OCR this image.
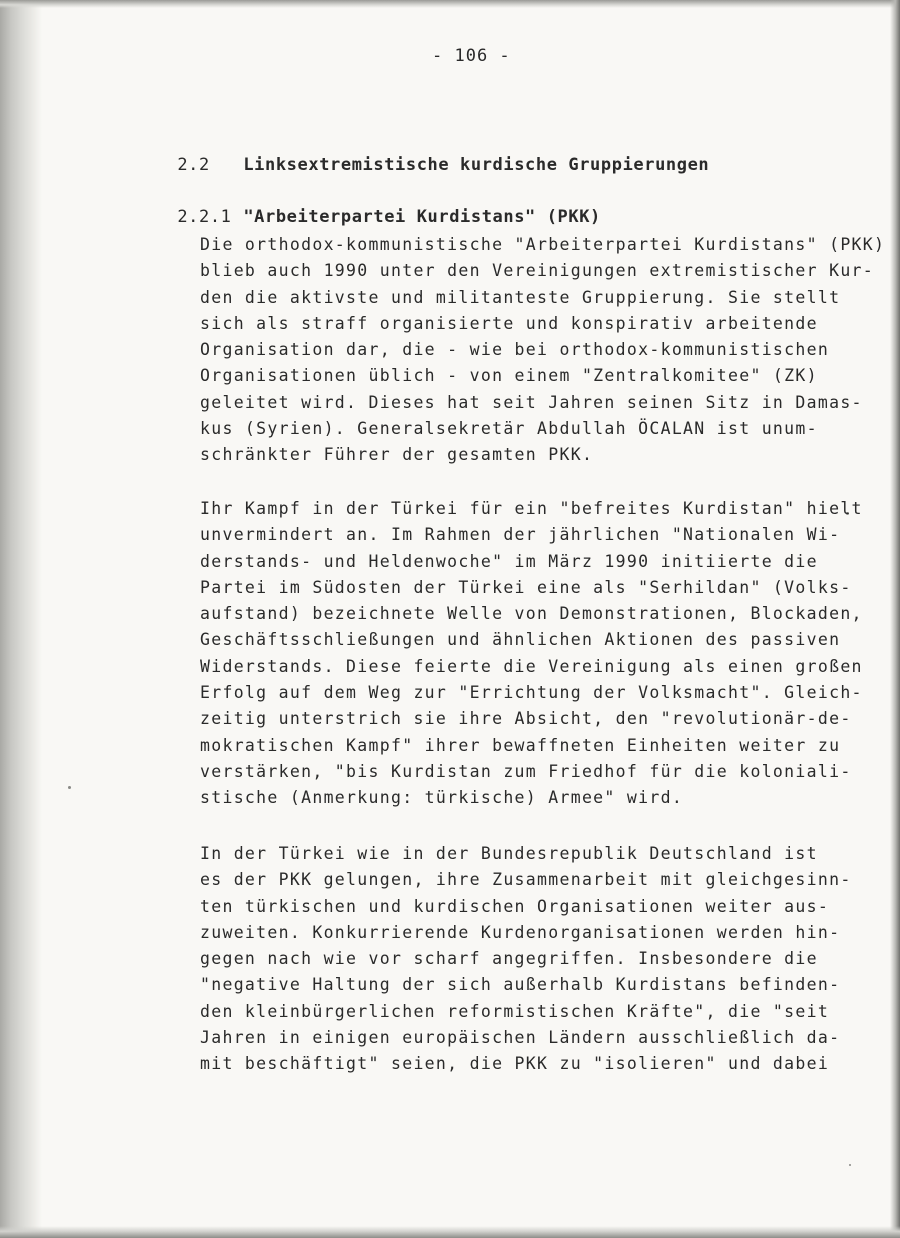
- 106 -

2.2 Linksextremistische kurdische Gruppierungen

2.2.1 "Arbeiterpartei Kurdistans" (PKK)

Die orthodox-kommunistische "Arbeiterpartei Kurdistans" (PKK)
blieb auch 1990 unter den Vereinigungen extremistischer Kur-
den die aktivste und militanteste Gruppierung. Sie stellt
sich als straff organisierte und konspirativ arbeitende
Organisation dar, die - wie bei orthodox-kommunistischen
Organisationen üblich - von einem "Zentralkomitee" (ZK)
geleitet wird. Dieses hat seit Jahren seinen Sitz in Damas-
kus (Syrien). Generalsekretär Abdullah ÖCALAN ist unum-
schränkter Führer der gesamten PKK.
Ihr Kampf in der Türkei für ein "befreites Kurdistan" hielt
unvermindert an. Im Rahmen der jährlichen "Nationalen Wi-
derstands- und Heldenwoche" im März 1990 initiierte die
Partei im Südosten der Türkei eine als "Serhildan" (Volks-
aufstand) bezeichnete Welle von Demonstrationen, Blockaden,
Geschäftsschließungen und ähnlichen Aktionen des passiven
Widerstands. Diese feierte die Vereinigung als einen großen
Erfolg auf dem Weg zur "Errichtung der Volksmacht". Gleich-
zeitig unterstrich sie ihre Absicht, den "revolutionär-de-
mokratischen Kampf" ihrer bewaffneten Einheiten weiter zu
verstärken, "bis Kurdistan zum Friedhof für die koloniali-
stische (Anmerkung: türkische) Armee" wird.
In der Türkei wie in der Bundesrepublik Deutschland ist
es der PKK gelungen, ihre Zusammenarbeit mit gleichgesinn-
ten türkischen und kurdischen Organisationen weiter aus-
zuweiten. Konkurrierende Kurdenorganisationen werden hin-
gegen nach wie vor scharf angegriffen. Insbesondere die
"negative Haltung der sich außerhalb Kurdistans befinden-
den kleinbürgerlichen reformistischen Kräfte", die "seit
Jahren in einigen europäischen Ländern ausschließlich da-
mit beschäftigt" seien, die PKK zu "isolieren" und dabei
